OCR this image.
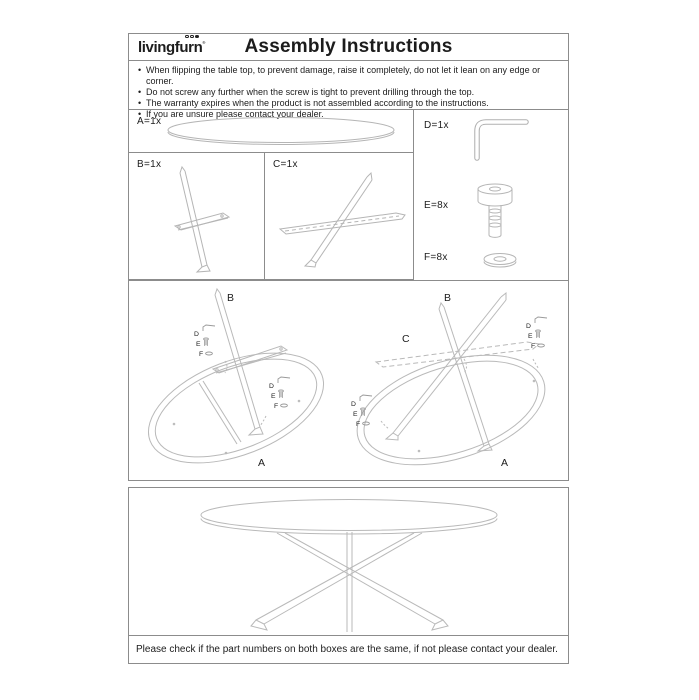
livingfurn®	Assembly Instructions
• When flipping the table top, to prevent damage, raise it completely, do not let it lean on any edge or corner.
• Do not screw any further when the screw is tight to prevent drilling through the top.
• The warranty expires when the product is not assembled according to the instructions.
• If you are unsure please contact your dealer.
A=1x
B=1x	C=1x
D=1x
E=8x
F=8x
B
A
D
E
F
D
E
F
B
C
A
D
E
F
D
E
F
Please check if the part numbers on both boxes are the same, if not please contact your dealer.
